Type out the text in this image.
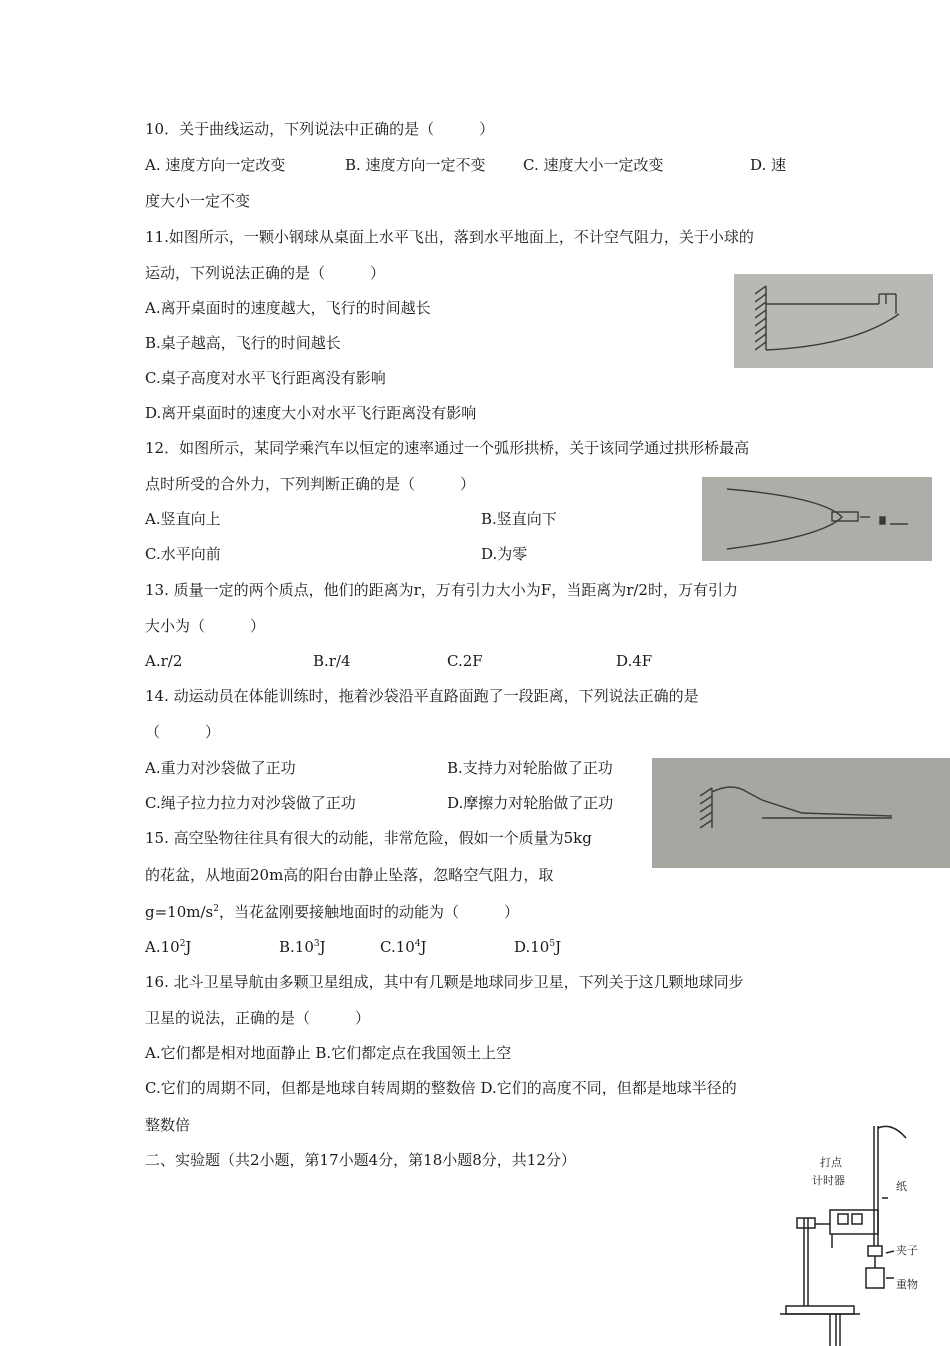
10．关于曲线运动，下列说法中正确的是（　　　）
A. 速度方向一定改变	B. 速度方向一定不变 C. 速度大小一定改变	D. 速
度大小一定不变
11.如图所示，一颗小钢球从桌面上水平飞出，落到水平地面上，不计空气阻力，关于小球的
运动，下列说法正确的是（　　　）
A.离开桌面时的速度越大，飞行的时间越长
B.桌子越高，飞行的时间越长
C.桌子高度对水平飞行距离没有影响
D.离开桌面时的速度大小对水平飞行距离没有影响
12．如图所示，某同学乘汽车以恒定的速率通过一个弧形拱桥，关于该同学通过拱形桥最高
点时所受的合外力，下列判断正确的是（　　　）
A.竖直向上	B.竖直向下
C.水平向前	D.为零
13. 质量一定的两个质点，他们的距离为r，万有引力大小为F，当距离为r/2时，万有引力
大小为（　　　）
A.r/2	B.r/4	C.2F	D.4F
14. 动运动员在体能训练时，拖着沙袋沿平直路面跑了一段距离，下列说法正确的是
（　　　）
A.重力对沙袋做了正功	B.支持力对轮胎做了正功
C.绳子拉力拉力对沙袋做了正功	D.摩擦力对轮胎做了正功
15. 高空坠物往往具有很大的动能，非常危险，假如一个质量为5kg
的花盆，从地面20m高的阳台由静止坠落，忽略空气阻力，取
$g=10m/s^2$，当花盆刚要接触地面时的动能为（　　　）
$A.10^2J$	$B.10^3J$	$C.10^4J$	$D.10^5J$
16. 北斗卫星导航由多颗卫星组成，其中有几颗是地球同步卫星，下列关于这几颗地球同步
卫星的说法，正确的是（　　　）
A.它们都是相对地面静止 B.它们都定点在我国领土上空
C.它们的周期不同，但都是地球自转周期的整数倍 D.它们的高度不同，但都是地球半径的
整数倍
二、实验题（共2小题，第17小题4分，第18小题8分，共12分）	打点
计时器	纸
夹子
重物
